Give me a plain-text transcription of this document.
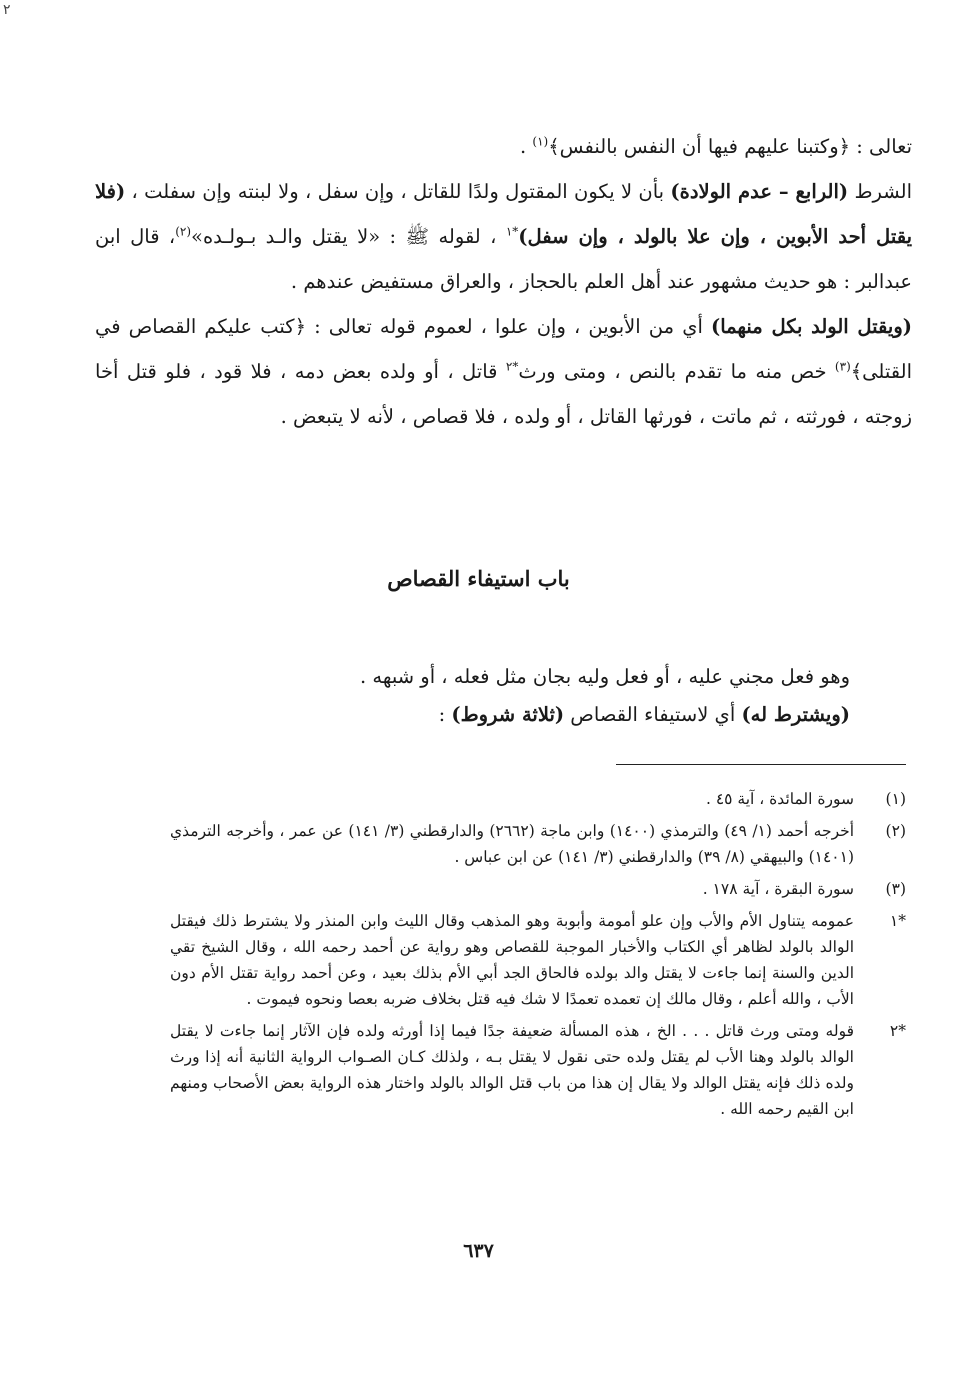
٢

تعالى : ﴿وكتبنا عليهم فيها أن النفس بالنفس﴾$^{(١)}$ .

الشرط (الرابع – عدم الولادة) بأن لا يكون المقتول ولدًا للقاتل ، وإن سفل ، ولا لبنته وإن سفلت ، (فلا يقتل أحد الأبوين ، وإن علا بالولد ، وإن سفل)$^{*١}$ ، لقوله ﷺ : «لا يقتل والـد بـولـده»$^{(٢)}$، قال ابن عبدالبر : هو حديث مشهور عند أهل العلم بالحجاز ، والعراق مستفيض عندهم .

(ويقتل الولد بكل منهما) أي من الأبوين ، وإن علوا ، لعموم قوله تعالى : ﴿كتب عليكم القصاص في القتلى﴾$^{(٣)}$ خص منه ما تقدم بالنص ، ومتى ورث$^{*٢}$ قاتل ، أو ولده بعض دمه ، فلا قود ، فلو قتل أخا زوجته ، فورثته ، ثم ماتت ، فورثها القاتل ، أو ولده ، فلا قصاص ، لأنه لا يتبعض .

باب استيفاء القصاص

وهو فعل مجني عليه ، أو فعل وليه بجان مثل فعله ، أو شبهه .

(ويشترط له) أي لاستيفاء القصاص (ثلاثة شروط) :

(١)
سورة المائدة ، آية ٤٥ .
(٢)
أخرجه أحمد (١/ ٤٩) والترمذي (١٤٠٠) وابن ماجة (٢٦٦٢) والدارقطني (٣/ ١٤١) عن عمر ، وأخرجه الترمذي (١٤٠١) والبيهقي (٨/ ٣٩) والدارقطني (٣/ ١٤١) عن ابن عباس .
(٣)
سورة البقرة ، آية ١٧٨ .
*١
عمومه يتناول الأم والأب وإن علو أمومة وأبوبة وهو المذهب وقال الليث وابن المنذر ولا يشترط ذلك فيقتل الوالد بالولد لظاهر أي الكتاب والأخبار الموجبة للقصاص وهو رواية عن أحمد رحمه الله ، وقال الشيخ تقي الدين والسنة إنما جاءت لا يقتل والد بولده فالحاق الجد أبي الأم بذلك بعيد ، وعن أحمد رواية تقتل الأم دون الأب ، والله أعلم ، وقال مالك إن تعمده تعمدًا لا شك فيه قتل بخلاف ضربه بعصا ونحوه فيموت .
*٢
قوله ومتى ورث قاتل . . . الخ ، هذه المسألة ضعيفة جدًا فيما إذا أورثه ولده فإن الآثار إنما جاءت لا يقتل الوالد بالولد وهنا الأب لم يقتل ولده حتى نقول لا يقتل بـه ، ولذلك كـان الصـواب الرواية الثانية أنه إذا ورث ولده ذلك فإنه يقتل الوالد ولا يقال إن هذا من باب قتل الوالد بالولد واختار هذه الرواية بعض الأصحاب ومنهم ابن القيم رحمه الله .
٦٣٧
